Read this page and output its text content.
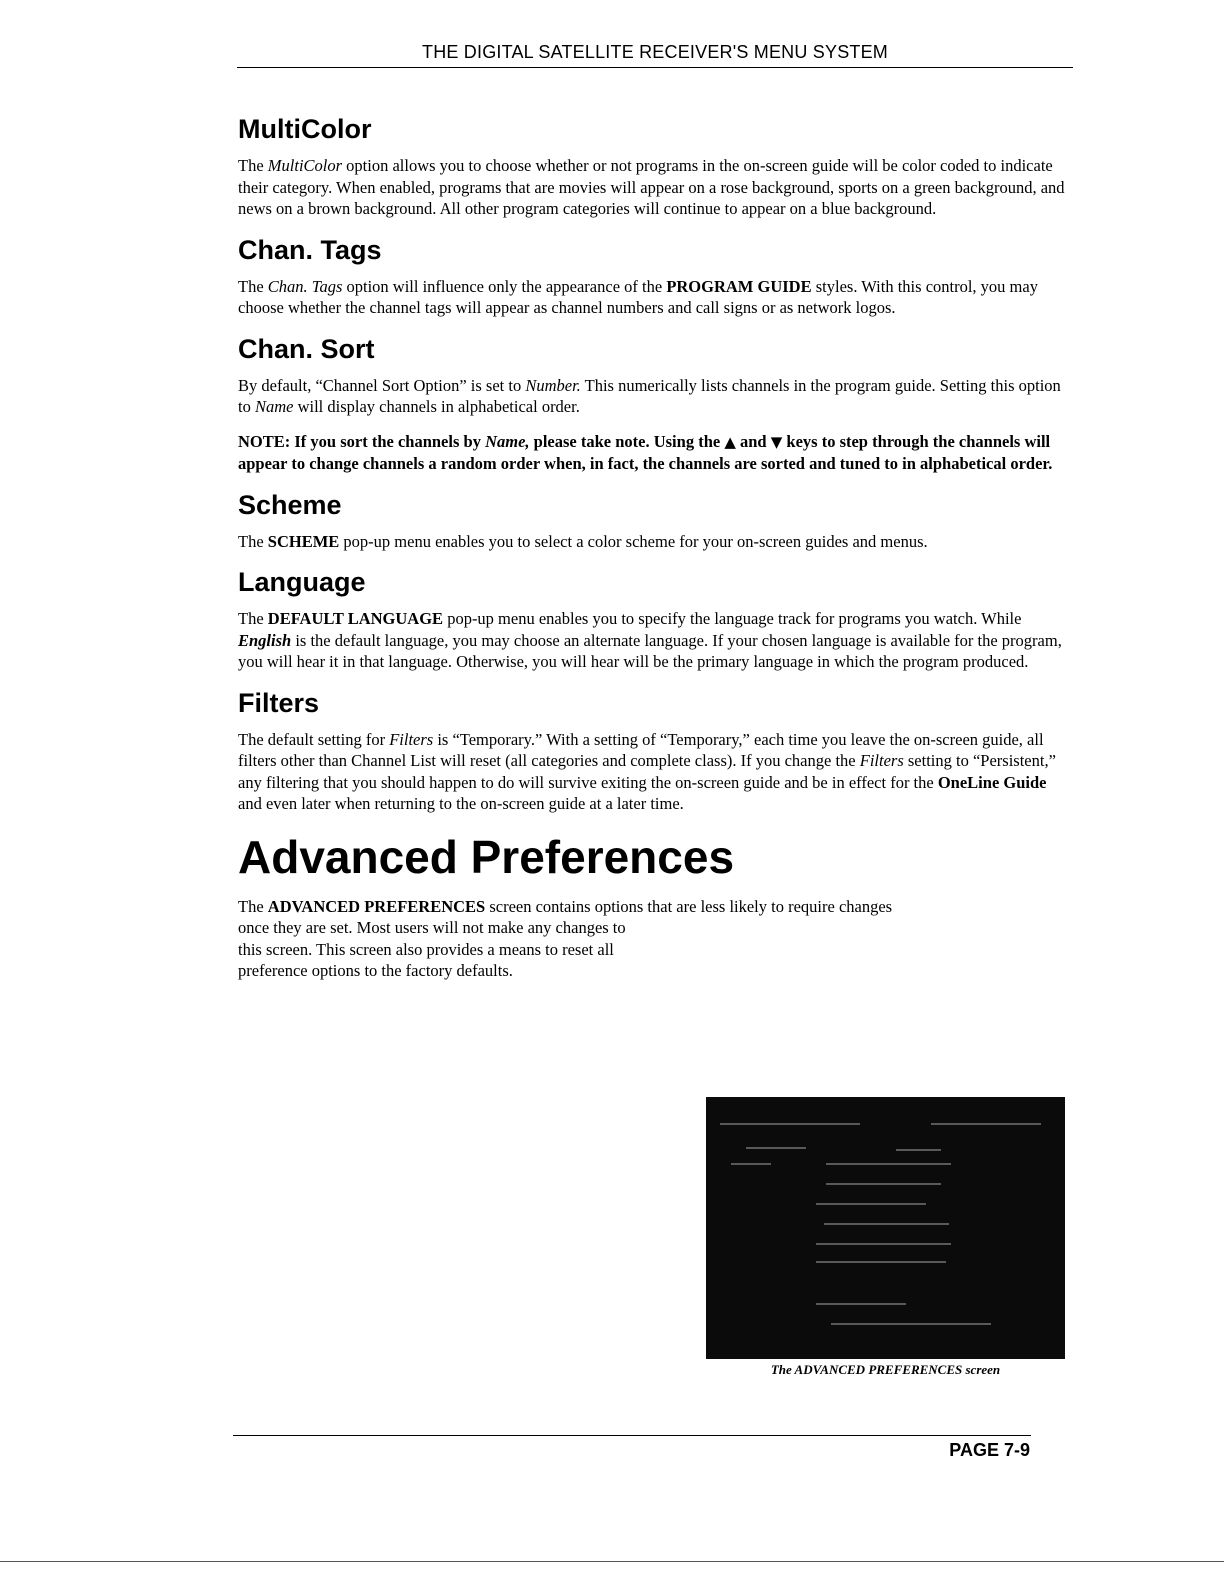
THE DIGITAL SATELLITE RECEIVER'S MENU SYSTEM
MultiColor

The MultiColor option allows you to choose whether or not programs in the on-screen guide will be color coded to indicate their category. When enabled, programs that are movies will appear on a rose background, sports on a green background, and news on a brown background. All other program categories will continue to appear on a blue background.

Chan. Tags

The Chan. Tags option will influence only the appearance of the PROGRAM GUIDE styles. With this control, you may choose whether the channel tags will appear as channel numbers and call signs or as network logos.

Chan. Sort

By default, “Channel Sort Option” is set to Number. This numerically lists channels in the program guide. Setting this option to Name will display channels in alphabetical order.

NOTE: If you sort the channels by Name, please take note. Using the ▲ and ▼ keys to step through the channels will appear to change channels a random order when, in fact, the channels are sorted and tuned to in alphabetical order.

Scheme

The SCHEME pop-up menu enables you to select a color scheme for your on-screen guides and menus.

Language

The DEFAULT LANGUAGE pop-up menu enables you to specify the language track for programs you watch. While English is the default language, you may choose an alternate language. If your chosen language is available for the program, you will hear it in that language. Otherwise, you will hear will be the primary language in which the program produced.

Filters

The default setting for Filters is “Temporary.” With a setting of “Temporary,” each time you leave the on-screen guide, all filters other than Channel List will reset (all categories and complete class). If you change the Filters setting to “Persistent,” any filtering that you should happen to do will survive exiting the on-screen guide and be in effect for the OneLine Guide and even later when returning to the on-screen guide at a later time.

Advanced Preferences

The ADVANCED PREFERENCES screen contains options that are less likely to require changes

once they are set. Most users will not make any changes to this screen. This screen also provides a means to reset all preference options to the factory defaults.

The ADVANCED PREFERENCES screen
PAGE 7-9
